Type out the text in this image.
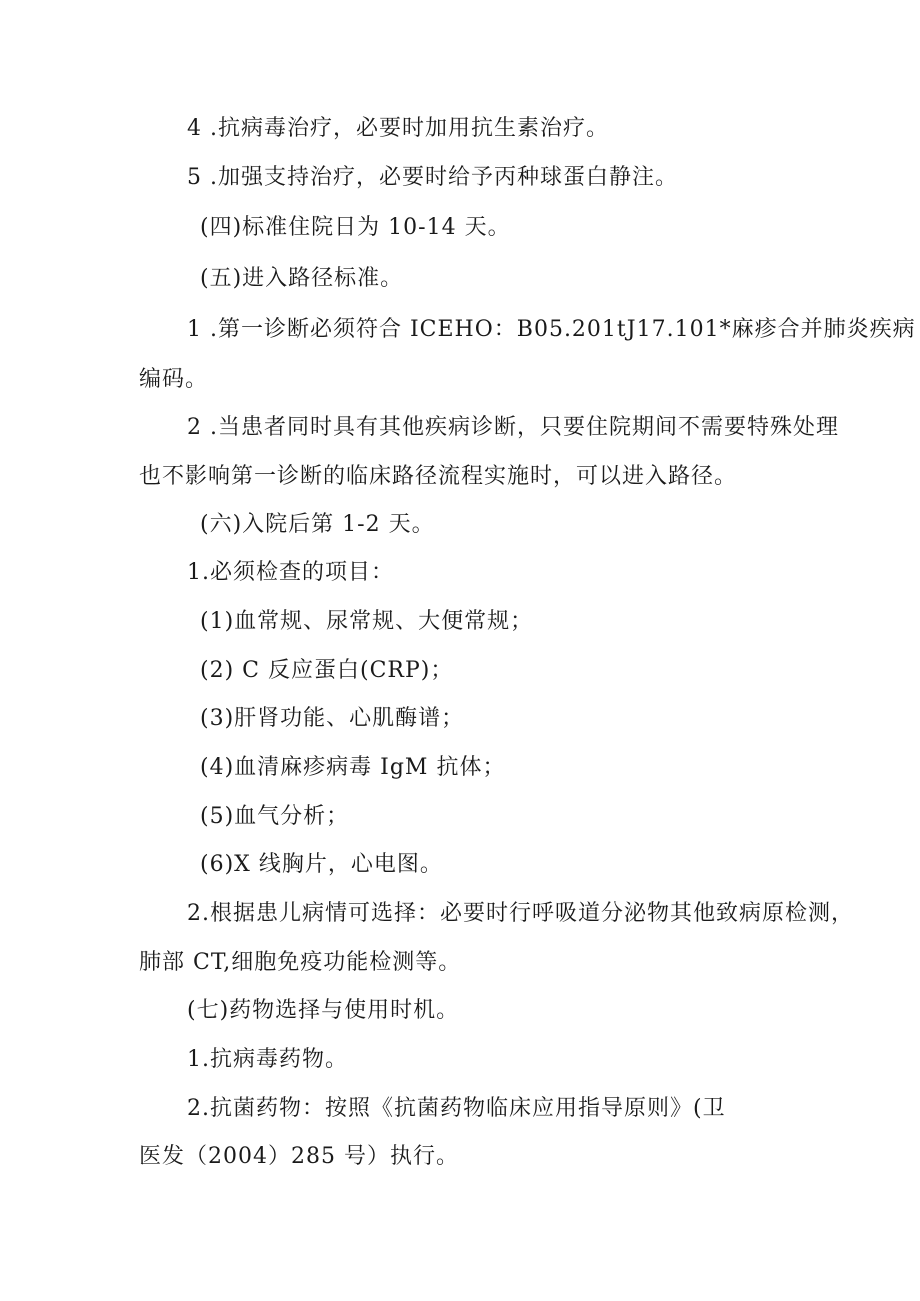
4 .抗病毒治疗，必要时加用抗生素治疗。
5 .加强支持治疗，必要时给予丙种球蛋白静注。
(四)标准住院日为 10-14 天。
(五)进入路径标准。
1 .第一诊断必须符合 ICEHO：B05.201tJ17.101*麻疹合并肺炎疾病
编码。
2 .当患者同时具有其他疾病诊断，只要住院期间不需要特殊处理
也不影响第一诊断的临床路径流程实施时，可以进入路径。
(六)入院后第 1-2 天。
1.必须检查的项目：
(1)血常规、尿常规、大便常规；
(2) C 反应蛋白(CRP)；
(3)肝肾功能、心肌酶谱；
(4)血清麻疹病毒 IgM 抗体；
(5)血气分析；
(6)X 线胸片，心电图。
2.根据患儿病情可选择：必要时行呼吸道分泌物其他致病原检测，
肺部 CT,细胞免疫功能检测等。
(七)药物选择与使用时机。
1.抗病毒药物。
2.抗菌药物：按照《抗菌药物临床应用指导原则》(卫
医发（2004）285 号）执行。
